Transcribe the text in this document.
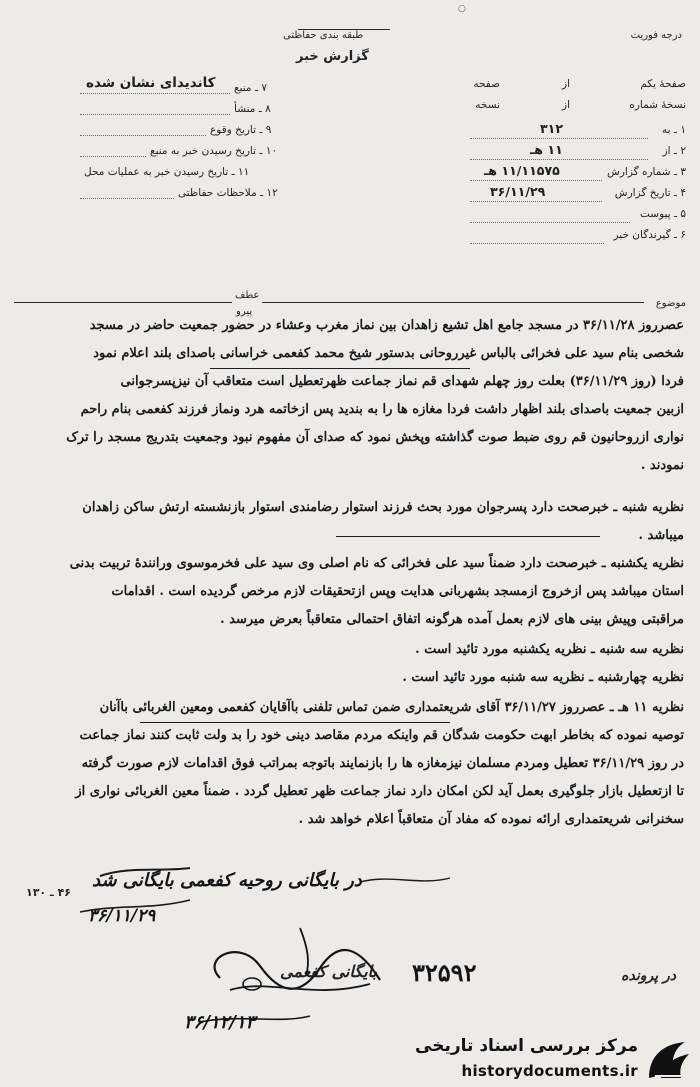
درجه فوریت
طبقه بندی حفاظتی
گزارش خبر
○
صفحهٔ یکم
از
صفحه
نسخهٔ شماره
از
نسخه
۱ ـ به
۳۱۲
۲ ـ از
۱۱ هـ
۳ ـ شماره گزارش
۱۱/۱۱۵۷۵ هـ
۴ ـ تاریخ گزارش
۳۶/۱۱/۲۹
۵ ـ پیوست
۶ ـ گیرندگان خبر
۷ ـ منبع
کاندیدای نشان شده
۸ ـ منشأ
۹ ـ تاریخ وقوع
۱۰ ـ تاریخ رسیدن خبر به منبع
۱۱ ـ تاریخ رسیدن خبر به عملیات محل
۱۲ ـ ملاحظات حفاظتی
عطف
پیرو
موضوع
عصرروز ۳۶/۱۱/۲۸ در مسجد جامع اهل تشیع زاهدان بین نماز مغرب وعشاء در حضور جمعیت حاضر در مسجد
شخصی بنام سید علی فخرائی بالباس غیرروحانی بدستور شیخ محمد کفعمی خراسانی باصدای بلند اعلام نمود
فردا (روز ۳۶/۱۱/۲۹) بعلت روز چهلم شهدای قم نماز جماعت ظهرتعطیل است متعاقب آن نیزپسرجوانی
ازبین جمعیت باصدای بلند اظهار داشت فردا مغازه ها را به بندید پس ازخاتمه هرد ونماز فرزند کفعمی بنام راحم
نواری ازروحانیون قم روی ضبط صوت گذاشته وپخش نمود که صدای آن مفهوم نبود وجمعیت بتدریج مسجد را ترک
نمودند .
نظریه شنبه ـ خبرصحت دارد پسرجوان مورد بحث فرزند استوار رضامندی استوار بازنشسته ارتش ساکن زاهدان
میباشد .
نظریه یکشنبه ـ خبرصحت دارد ضمناً سید علی فخرائی که نام اصلی وی سید علی فخرموسوی ورانندهٔ تربیت بدنی
استان میباشد پس ازخروج ازمسجد بشهربانی هدایت وپس ازتحقیقات لازم مرخص گردیده است . اقدامات
مراقبتی وپیش بینی های لازم بعمل آمده هرگونه اتفاق احتمالی متعاقباً بعرض میرسد .
نظریه سه شنبه ـ نظریه یکشنبه مورد تائید است .
نظریه چهارشنبه ـ نظریه سه شنبه مورد تائید است .
نظریه ۱۱ هـ ـ عصرروز ۳۶/۱۱/۲۷ آقای شریعتمداری ضمن تماس تلفنی باآقایان کفعمی ومعین الغربائی باآنان
توصیه نموده که بخاطر ابهت حکومت شدگان قم واینکه مردم مقاصد دینی خود را بد ولت ثابت کنند نماز جماعت
در روز ۳۶/۱۱/۲۹ تعطیل ومردم مسلمان نیزمغازه ها را بازنمایند باتوجه بمراتب فوق اقدامات لازم صورت گرفته
تا ازتعطیل بازار جلوگیری بعمل آید لکن امکان دارد نماز جماعت ظهر تعطیل گردد . ضمناً معین الغربائی نواری از
سخنرانی شریعتمداری ارائه نموده که مفاد آن متعاقباً اعلام خواهد شد .
۴۶ ـ ۱۳۰
در بایگانی روحیه کفعمی بایگانی شد
۳۶/۱۱/۲۹
در پرونده
۳۲۵۹۲
بایگانی کفعمی
۳۶/۱۲/۱۳
مرکز بررسی اسناد تاریخی
historydocuments.ir
